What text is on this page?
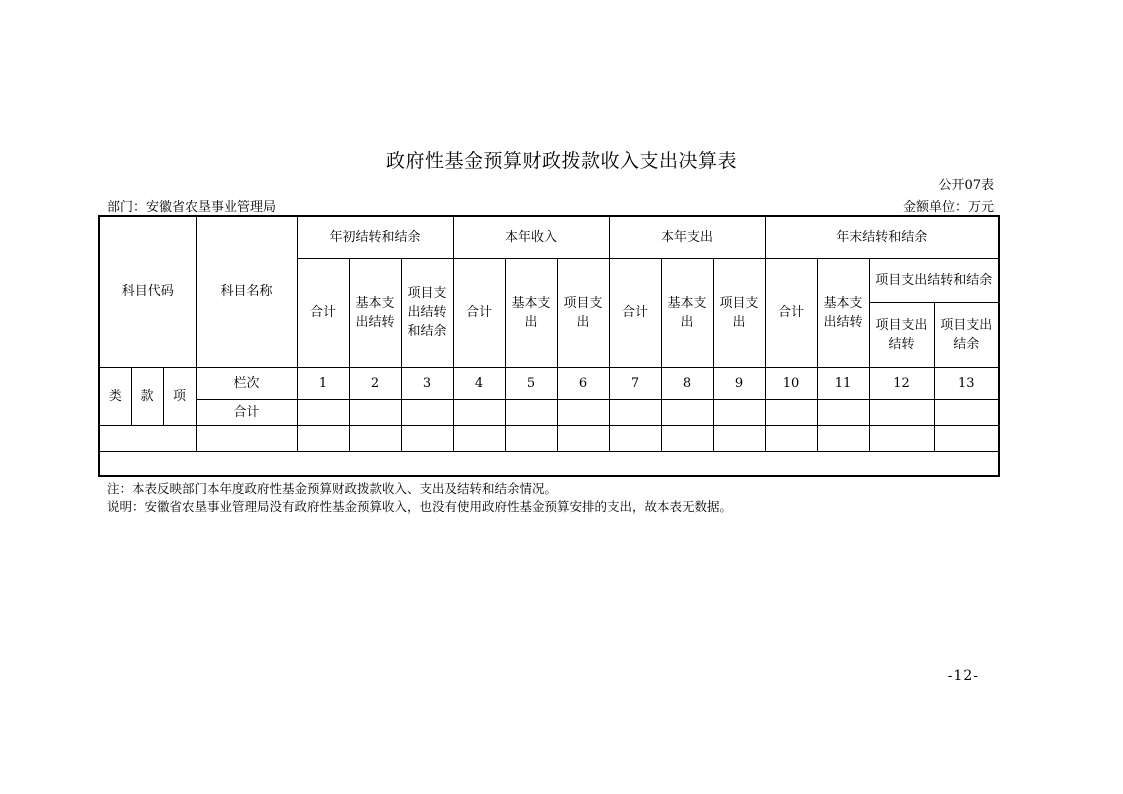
政府性基金预算财政拨款收入支出决算表
公开07表
部门：安徽省农垦事业管理局	金额单位：万元
科目代码			科目名称	年初结转和结余			本年收入			本年支出			年末结转和结余			
				合计	基本支出结转	项目支出结转和结余	合计	基本支出	项目支出	合计	基本支出	项目支出	合计	基本支出结转	项目支出结转和结余	
															项目支出结转	项目支出结余
类	款	项	栏次	1	2	3	4	5	6	7	8	9	10	11	12	13
			合计													

注：本表反映部门本年度政府性基金预算财政拨款收入、支出及结转和结余情况。
说明：安徽省农垦事业管理局没有政府性基金预算收入，也没有使用政府性基金预算安排的支出，故本表无数据。
-12-
